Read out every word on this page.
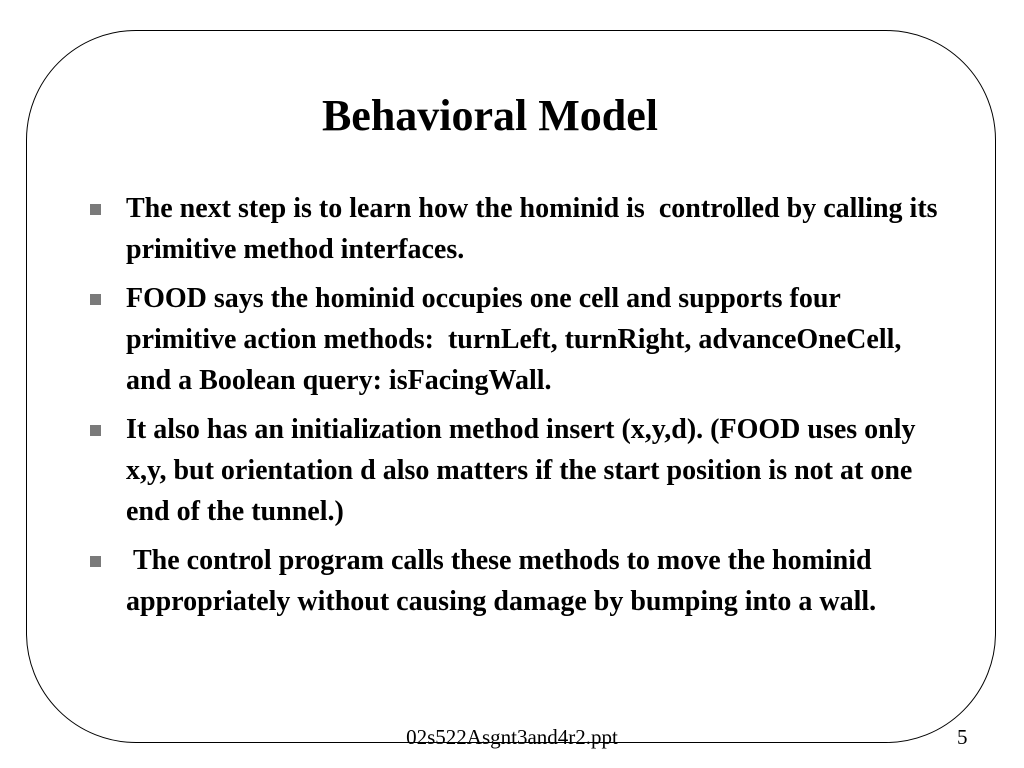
Behavioral Model
The next step is to learn how the hominid is  controlled by calling its primitive method interfaces.
FOOD says the hominid occupies one cell and supports four primitive action methods:  turnLeft, turnRight, advanceOneCell, and a Boolean query: isFacingWall.
It also has an initialization method insert (x,y,d). (FOOD uses only x,y, but orientation d also matters if the start position is not at one end of the tunnel.)
The control program calls these methods to move the hominid appropriately without causing damage by bumping into a wall.
02s522Asgnt3and4r2.ppt	5
